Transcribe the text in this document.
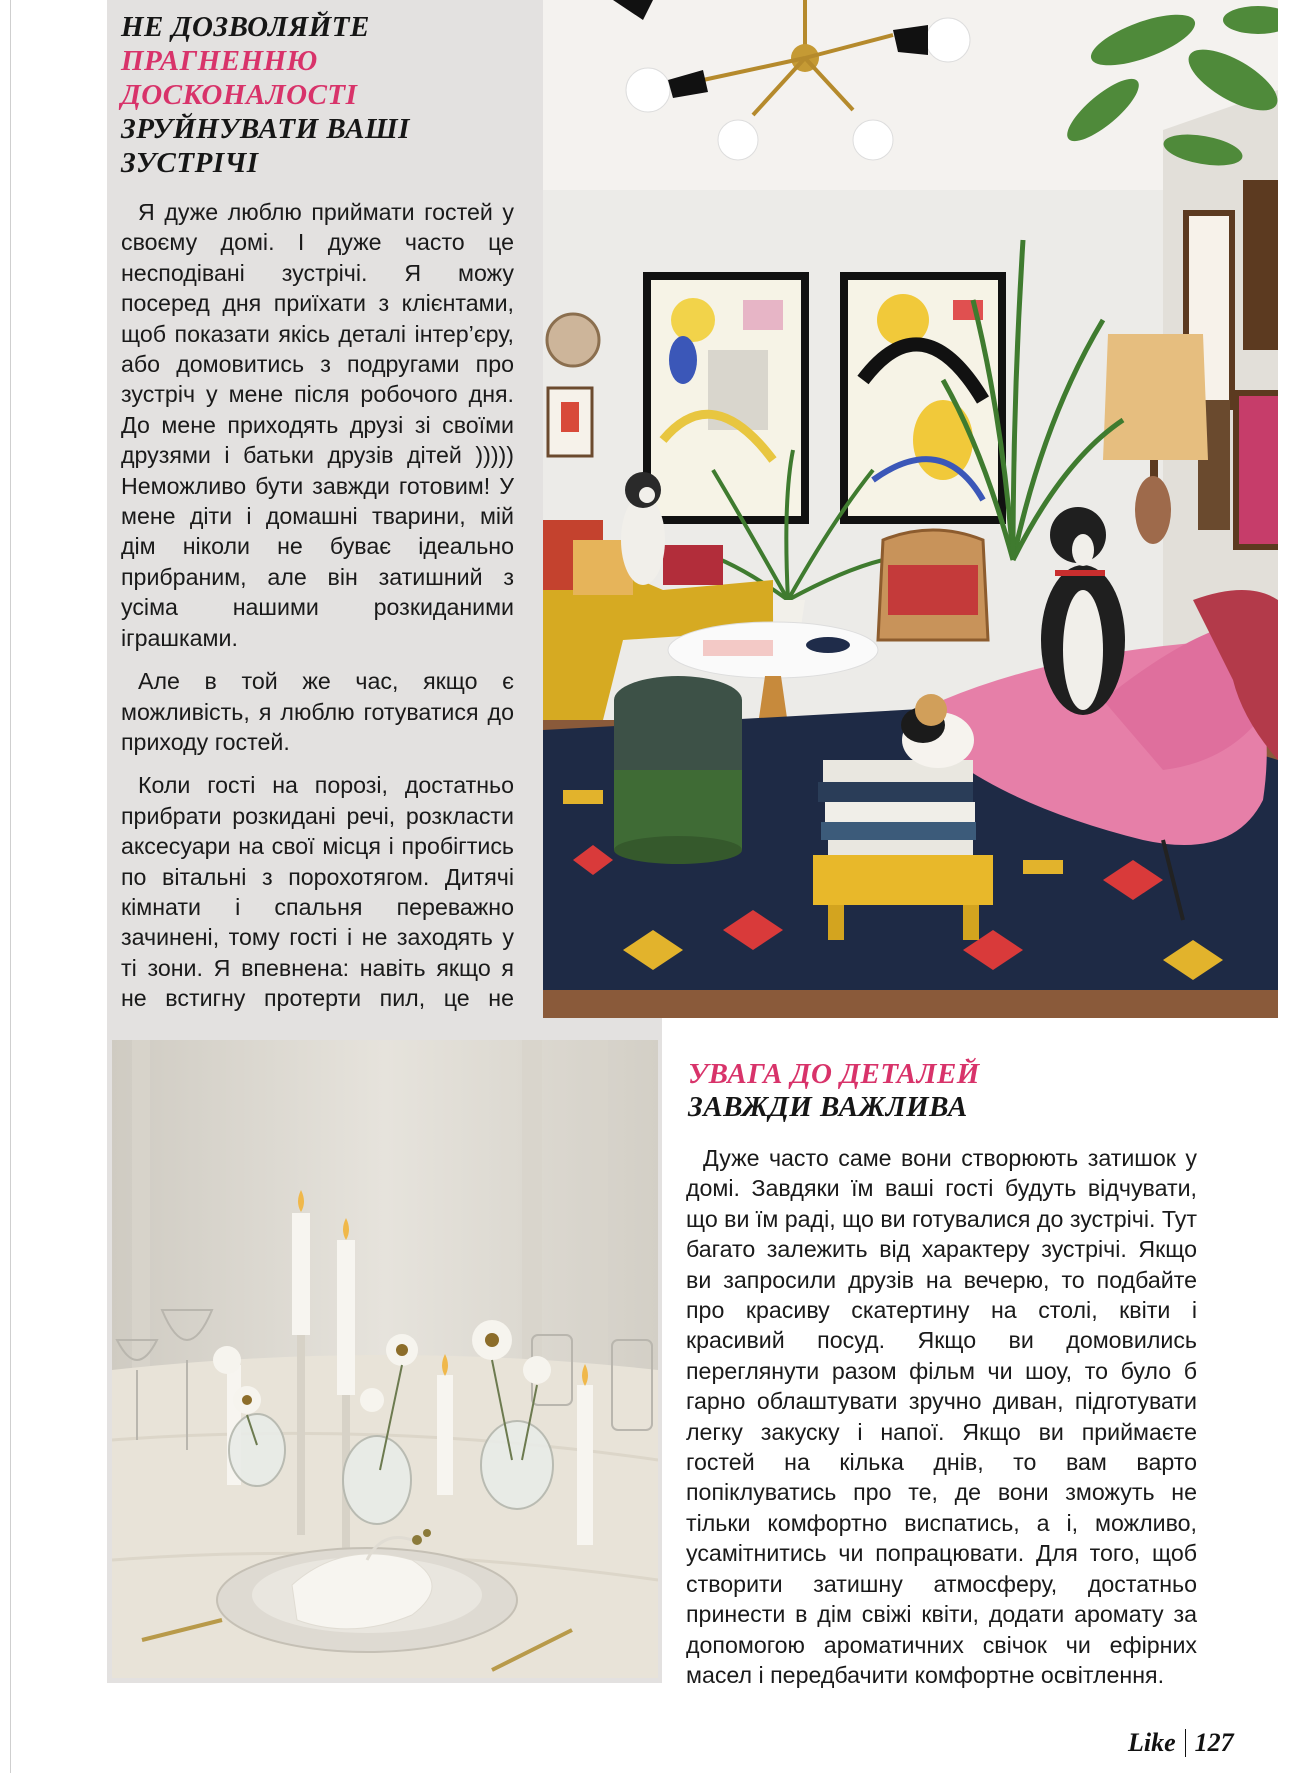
НЕ ДОЗВОЛЯЙТЕ
ПРАГНЕННЮ
ДОСКОНАЛОСТІ
ЗРУЙНУВАТИ ВАШІ
ЗУСТРІЧІ

Я дуже люблю приймати гостей у своєму домі. І дуже часто це несподівані зустрічі. Я можу посеред дня приїхати з клієнтами, щоб показати якісь деталі інтер’єру, або домовитись з подругами про зустріч у мене після робочого дня. До мене приходять друзі зі своїми друзями і батьки друзів дітей ))))) Неможливо бути завжди готовим! У мене діти і домашні тварини, мій дім ніколи не буває ідеально прибраним, але він затишний з усіма нашими розкиданими іграшками.

Але в той же час, якщо є можливість, я люблю готуватися до приходу гостей.

Коли гості на порозі, достатньо прибрати розкидані речі, розкласти аксесуари на свої місця і пробігтись по вітальні з порохотягом. Дитячі кімнати і спальня переважно зачинені, тому гості і не заходять у ті зони. Я впевнена: навіть якщо я не встигну протерти пил, це не

УВАГА ДО ДЕТАЛЕЙ
ЗАВЖДИ ВАЖЛИВА

Дуже часто саме вони створюють затишок у домі. Завдяки їм ваші гості будуть відчувати, що ви їм раді, що ви готувалися до зустрічі. Тут багато залежить від характеру зустрічі. Якщо ви запросили друзів на вечерю, то подбайте про красиву скатертину на столі, квіти і красивий посуд. Якщо ви домовились переглянути разом фільм чи шоу, то було б гарно облаштувати зручно диван, підготувати легку закуску і напої. Якщо ви приймаєте гостей на кілька днів, то вам варто попіклуватись про те, де вони зможуть не тільки комфортно виспатись, а і, можливо, усамітнитись чи попрацювати. Для того, щоб створити затишну атмосферу, достатньо принести в дім свіжі квіти, додати аромату за допомогою ароматичних свічок чи ефірних масел і передбачити комфортне освітлення.

Like 127
